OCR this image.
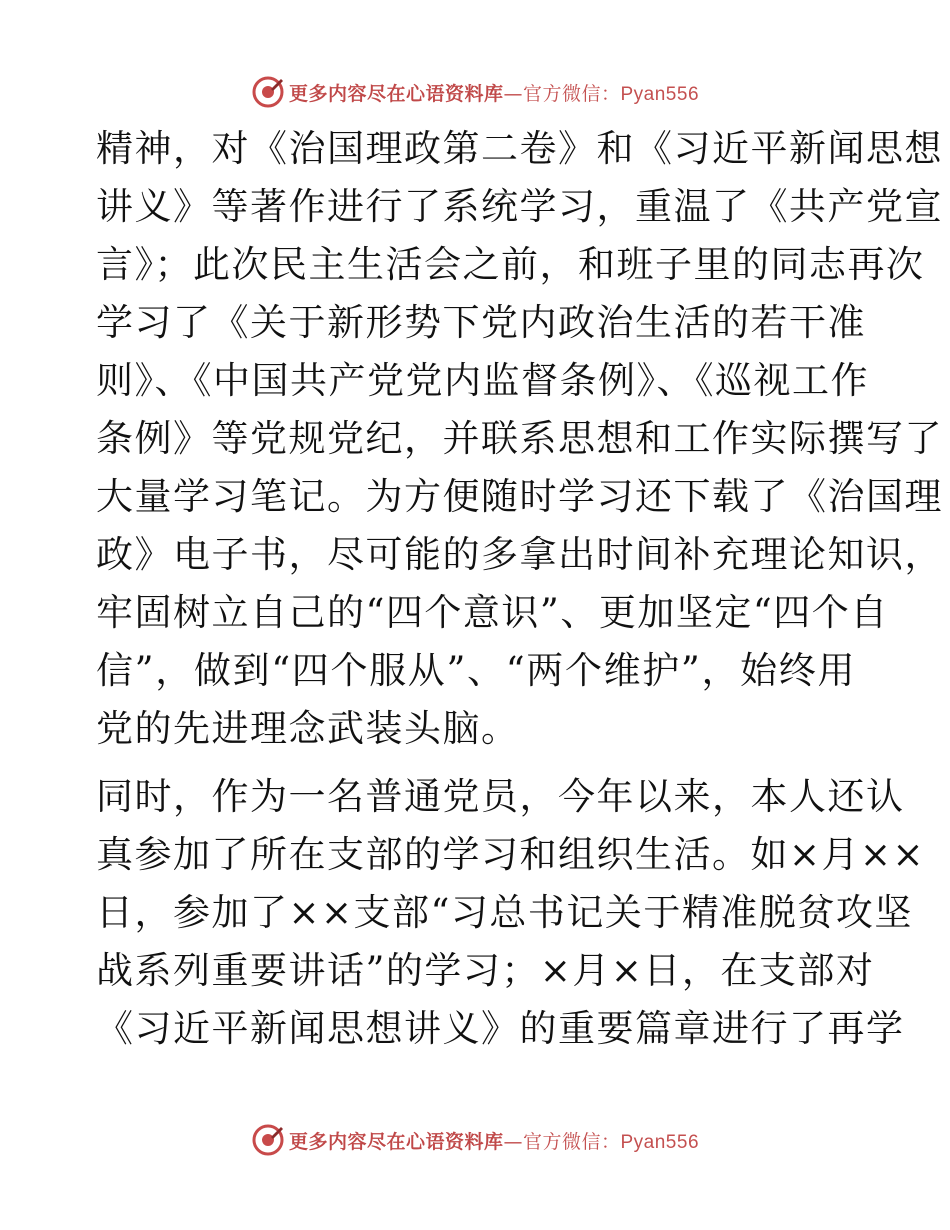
更多内容尽在心语资料库—官方微信：Pyan556
精神，对《治国理政第二卷》和《习近平新闻思想
讲义》等著作进行了系统学习，重温了《共产党宣
言》；此次民主生活会之前，和班子里的同志再次
学习了《关于新形势下党内政治生活的若干准
则》、《中国共产党党内监督条例》、《巡视工作
条例》等党规党纪，并联系思想和工作实际撰写了
大量学习笔记。为方便随时学习还下载了《治国理
政》电子书，尽可能的多拿出时间补充理论知识，
牢固树立自己的“四个意识”、更加坚定“四个自
信”，做到“四个服从”、“两个维护”，始终用
党的先进理念武装头脑。
同时，作为一名普通党员，今年以来，本人还认
真参加了所在支部的学习和组织生活。如×月××
日，参加了××支部“习总书记关于精准脱贫攻坚
战系列重要讲话”的学习；×月×日，在支部对
《习近平新闻思想讲义》的重要篇章进行了再学
更多内容尽在心语资料库—官方微信：Pyan556
